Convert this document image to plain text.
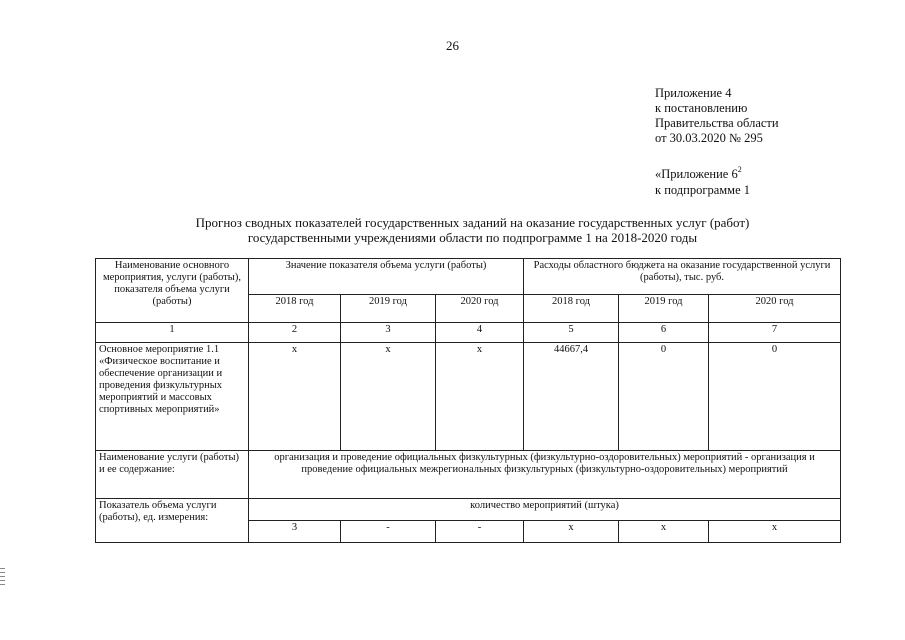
26
Приложение 4
к постановлению
Правительства области
от 30.03.2020 № 295
«Приложение $6^2$
к подпрограмме 1
Прогноз сводных показателей государственных заданий на оказание государственных услуг (работ)
государственными учреждениями области по подпрограмме 1 на 2018-2020 годы
Наименование основного мероприятия, услуги (работы), показателя объема услуги (работы)	Значение показателя объема услуги (работы)			Расходы областного бюджета на оказание государственной услуги (работы), тыс. руб.		
	2018 год	2019 год	2020 год	2018 год	2019 год	2020 год
1	2	3	4	5	6	7
Основное мероприятие 1.1 «Физическое воспитание и обеспечение организации и проведения физкультурных мероприятий и массовых спортивных мероприятий»	х	х	х	44667,4	0	0
Наименование услуги (работы) и ее содержание:	организация и проведение официальных физкультурных (физкультурно-оздоровительных) мероприятий - организация и проведение официальных межрегиональных физкультурных (физкультурно-оздоровительных) мероприятий					
Показатель объема услуги (работы), ед. измерения:	количество мероприятий (штука)					
	3	-	-	х	х	х
